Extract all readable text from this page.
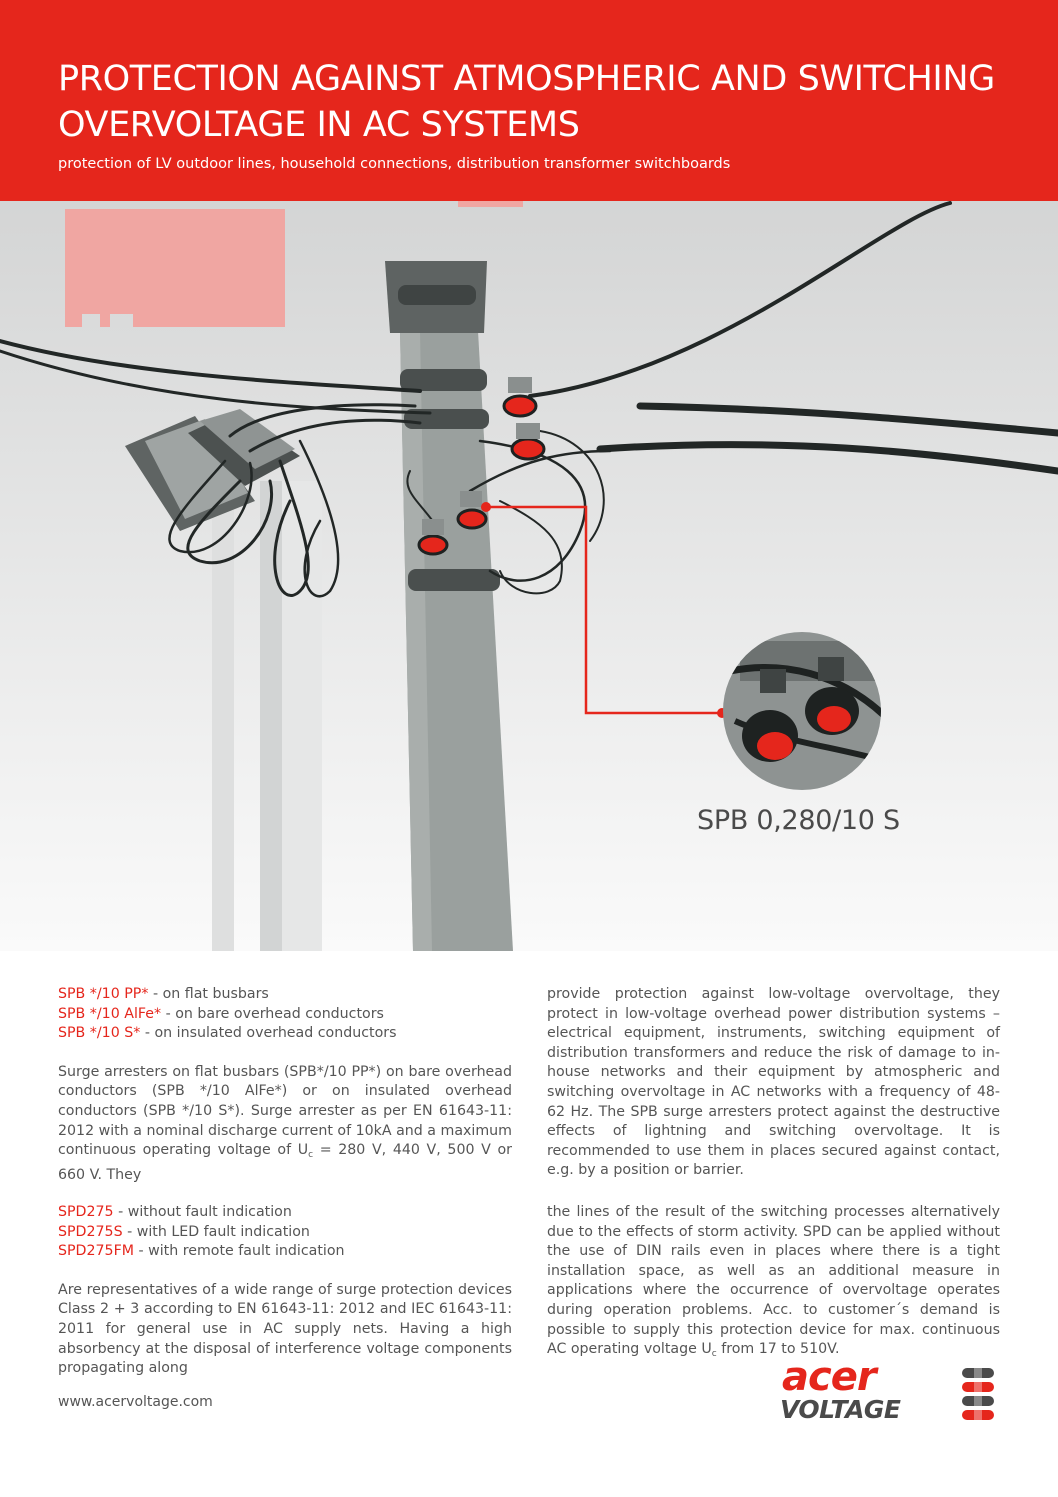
PROTECTION AGAINST ATMOSPHERIC AND SWITCHING OVERVOLTAGE IN AC SYSTEMS
protection of LV outdoor lines, household connections, distribution transformer switchboards
SPB 0,280/10 S
SPB */10 PP* - on flat busbars
SPB */10 AlFe* - on bare overhead conductors
SPB */10 S* - on insulated overhead conductors

Surge arresters on flat busbars (SPB*/10 PP*) on bare overhead conductors (SPB */10 AlFe*) or on insulated overhead conductors (SPB */10 S*). Surge arrester as per EN 61643-11: 2012 with a nominal discharge current of 10kA and a maximum continuous operating voltage of $U_c = 280$ V, 440 V, 500 V or 660 V. They

provide protection against low-voltage overvoltage, they protect in low-voltage overhead power distribution systems – electrical equipment, instruments, switching equipment of distribution transformers and reduce the risk of damage to in-house networks and their equipment by atmospheric and switching overvoltage in AC networks with a frequency of 48-62 Hz. The SPB surge arresters protect against the destructive effects of lightning and switching overvoltage. It is recommended to use them in places secured against contact, e.g. by a position or barrier.

SPD275 - without fault indication
SPD275S - with LED fault indication
SPD275FM - with remote fault indication

Are representatives of a wide range of surge protection devices Class 2 + 3 according to EN 61643-11: 2012 and IEC 61643-11: 2011 for general use in AC supply nets. Having a high absorbency at the disposal of interference voltage components propagating along

the lines of the result of the switching processes alternatively due to the effects of storm activity. SPD can be applied without the use of DIN rails even in places where there is a tight installation space, as well as an additional measure in applications where the occurrence of overvoltage operates during operation problems. Acc. to customer´s demand is possible to supply this protection device for max. continuous AC operating voltage $U_c$ from 17 to 510V.

www.acervoltage.com
acer
VOLTAGE
